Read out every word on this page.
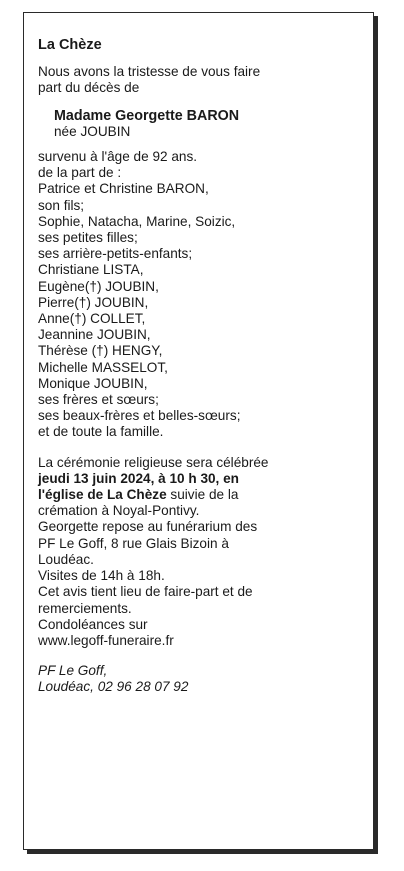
La Chèze
Nous avons la tristesse de vous faire
part du décès de
Madame Georgette BARON
née JOUBIN
survenu à l'âge de 92 ans.
de la part de :
Patrice et Christine BARON,
son fils;
Sophie, Natacha, Marine, Soizic,
ses petites filles;
ses arrière-petits-enfants;
Christiane LISTA,
Eugène(†) JOUBIN,
Pierre(†) JOUBIN,
Anne(†) COLLET,
Jeannine JOUBIN,
Thérèse (†) HENGY,
Michelle MASSELOT,
Monique JOUBIN,
ses frères et sœurs;
ses beaux-frères et belles-sœurs;
et de toute la famille.
La cérémonie religieuse sera célébrée
jeudi 13 juin 2024, à 10 h 30, en
l'église de La Chèze suivie de la
crémation à Noyal-Pontivy.
Georgette repose au funérarium des
PF Le Goff, 8 rue Glais Bizoin à
Loudéac.
Visites de 14h à 18h.
Cet avis tient lieu de faire-part et de
remerciements.
Condoléances sur
www.legoff-funeraire.fr
PF Le Goff,
Loudéac, 02 96 28 07 92
